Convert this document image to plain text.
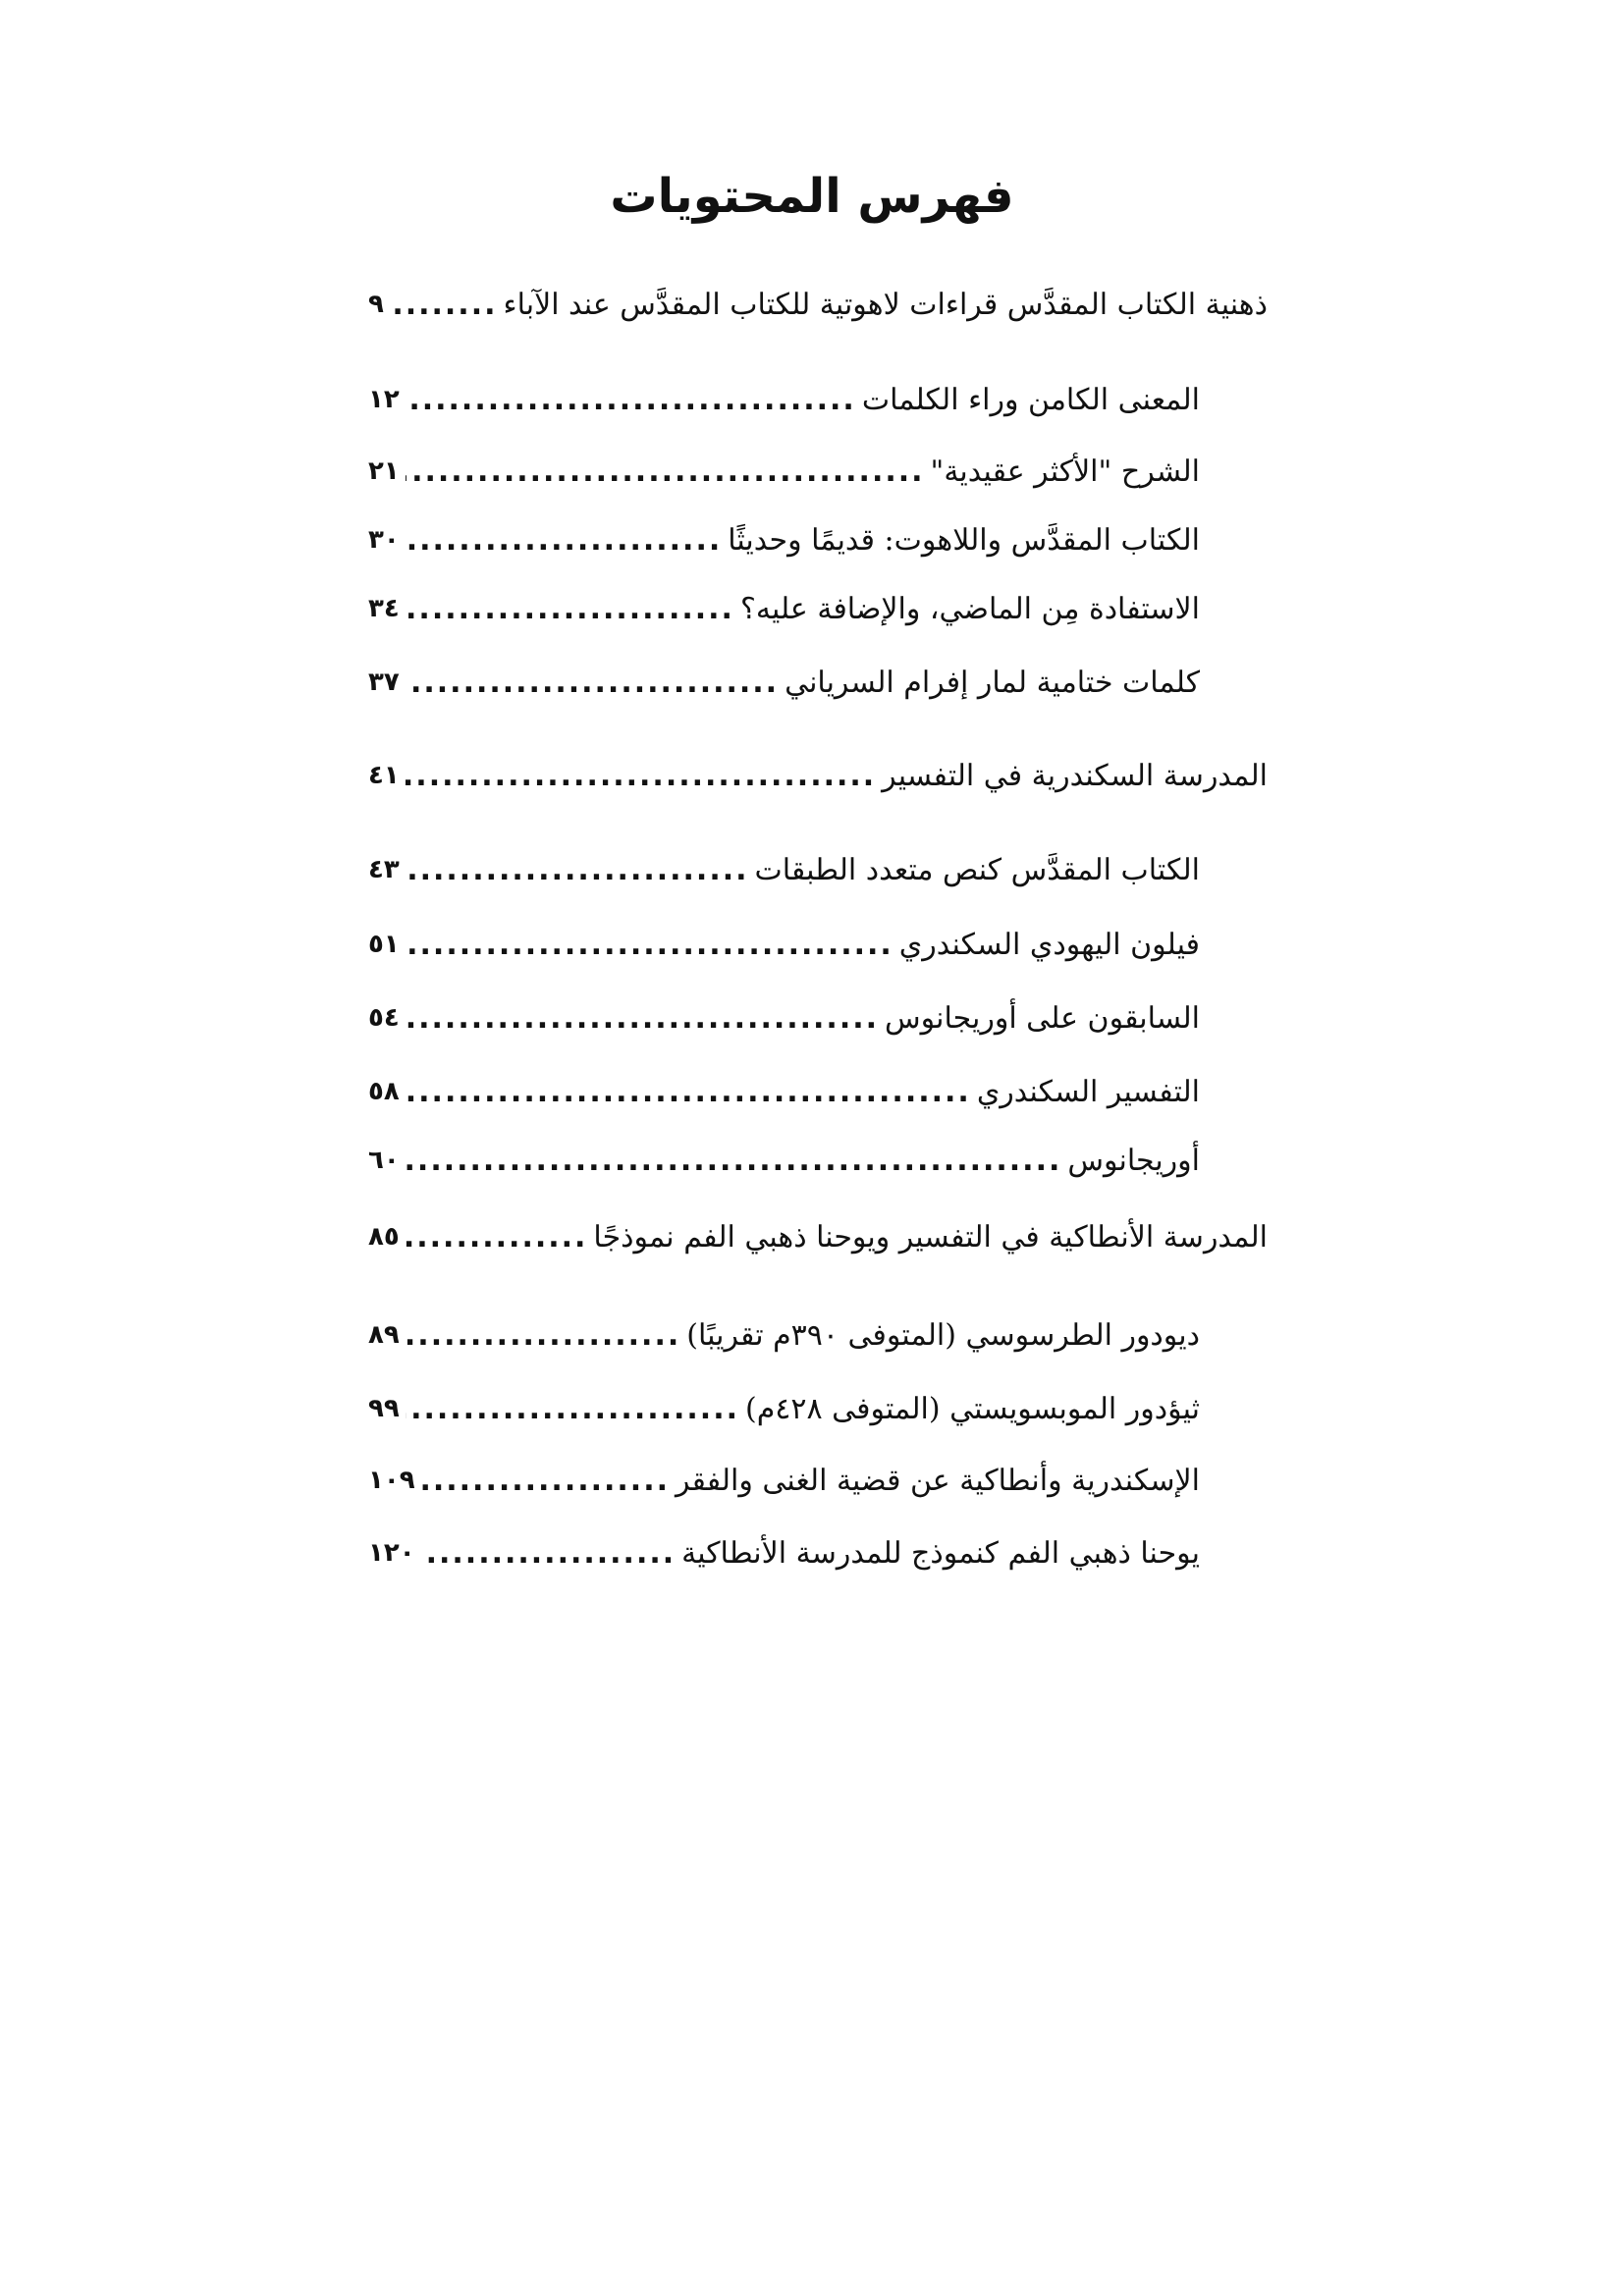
فهرس المحتويات
ذهنية الكتاب المقدَّس قراءات لاهوتية للكتاب المقدَّس عند الآباء
.....
٩
المعنى الكامن وراء الكلمات
.....
١٢
الشرح "الأكثر عقيدية"
.....
٢١
الكتاب المقدَّس واللاهوت: قديمًا وحديثًا
.....
٣٠
الاستفادة مِن الماضي، والإضافة عليه؟
.....
٣٤
كلمات ختامية لمار إفرام السرياني
.....
٣٧
المدرسة السكندرية في التفسير
.....
٤١
الكتاب المقدَّس كنص متعدد الطبقات
.....
٤٣
فيلون اليهودي السكندري
.....
٥١
السابقون على أوريجانوس
.....
٥٤
التفسير السكندري
.....
٥٨
أوريجانوس
.....
٦٠
المدرسة الأنطاكية في التفسير ويوحنا ذهبي الفم نموذجًا
.....
٨٥
ديودور الطرسوسي (المتوفى ٣٩٠م تقريبًا)
.....
٨٩
ثيؤدور الموبسويستي (المتوفى ٤٢٨م)
.....
٩٩
الإسكندرية وأنطاكية عن قضية الغنى والفقر
.....
١٠٩
يوحنا ذهبي الفم كنموذج للمدرسة الأنطاكية
.....
١٢٠
